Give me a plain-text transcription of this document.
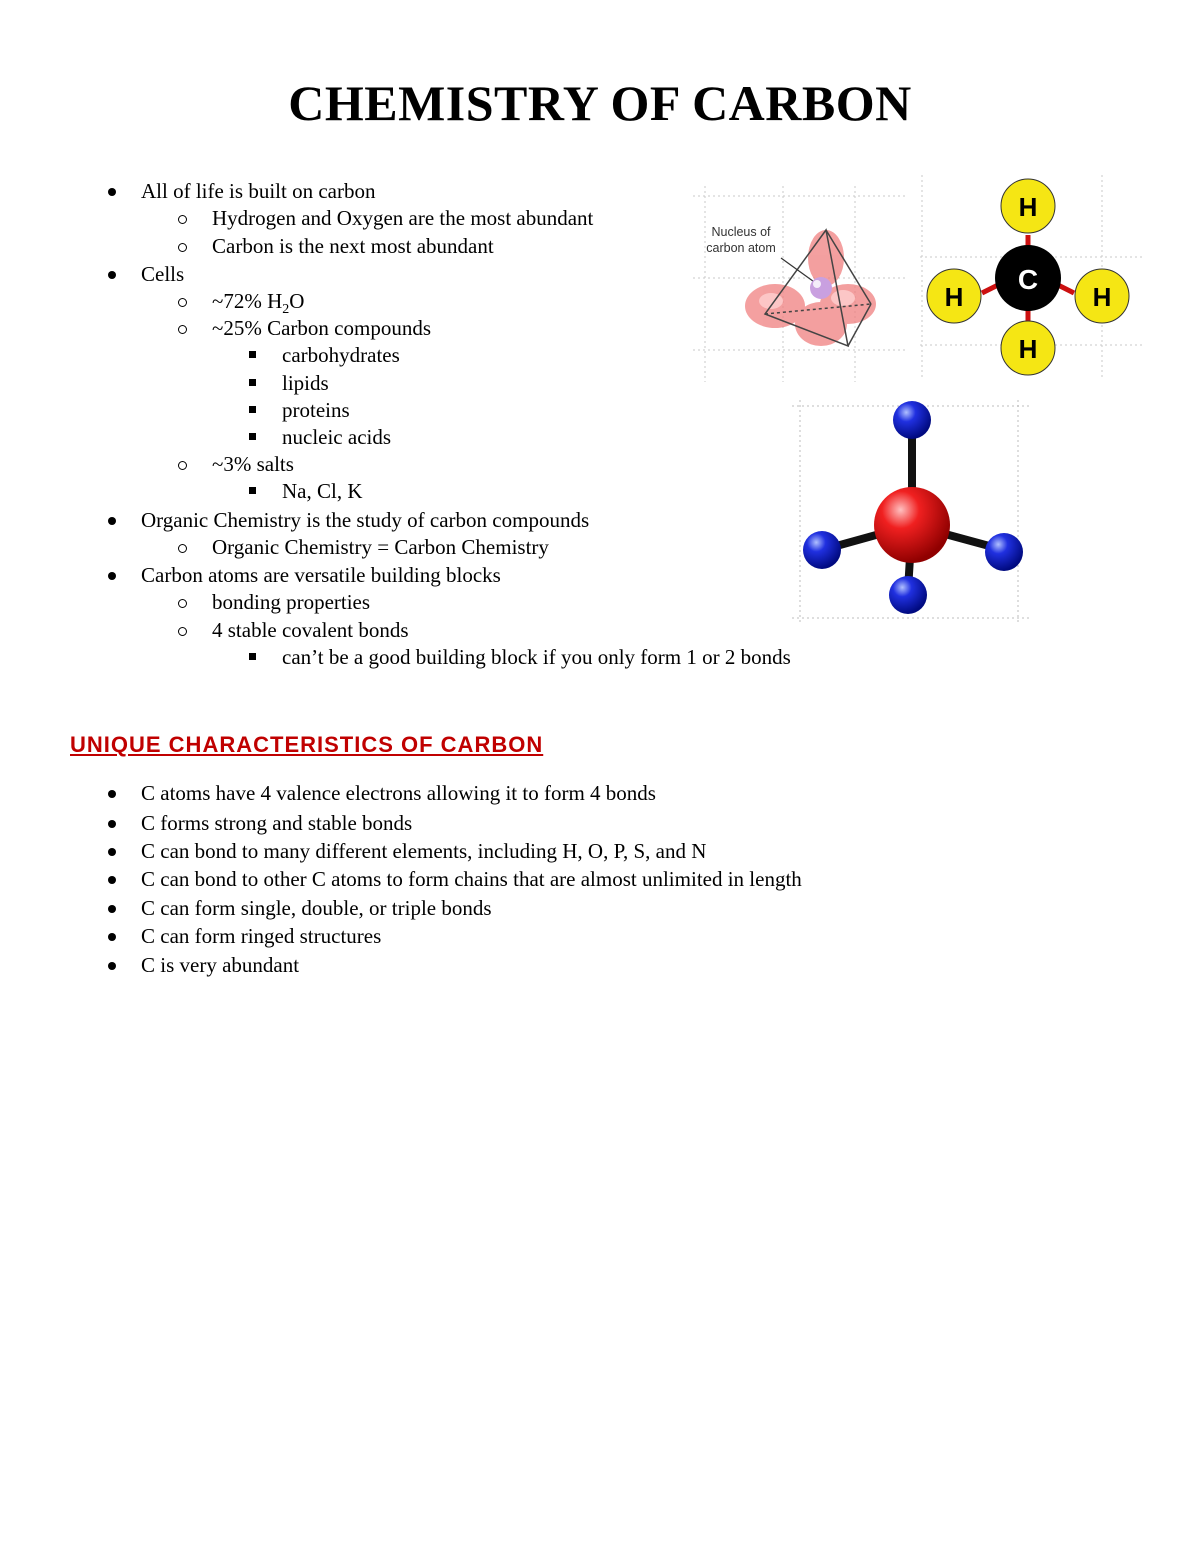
CHEMISTRY OF CARBON
All of life is built on carbon
Hydrogen and Oxygen are the most abundant
Carbon is the next most abundant
Cells
~72% $H_2O$
~25% Carbon compounds
carbohydrates
lipids
proteins
nucleic acids
~3% salts
Na, Cl, K
Organic Chemistry is the study of carbon compounds
Organic Chemistry = Carbon Chemistry
Carbon atoms are versatile building blocks
bonding properties
4 stable covalent bonds
can’t be a good building block if you only form 1 or 2 bonds
Nucleus of
carbon atom
C
H
H	H
H
UNIQUE CHARACTERISTICS OF CARBON
C atoms have 4 valence electrons allowing it to form 4 bonds
C forms strong and stable bonds
C can bond to many different elements, including H, O, P, S, and N
C can bond to other C atoms to form chains that are almost unlimited in length
C can form single, double, or triple bonds
C can form ringed structures
C is very abundant
